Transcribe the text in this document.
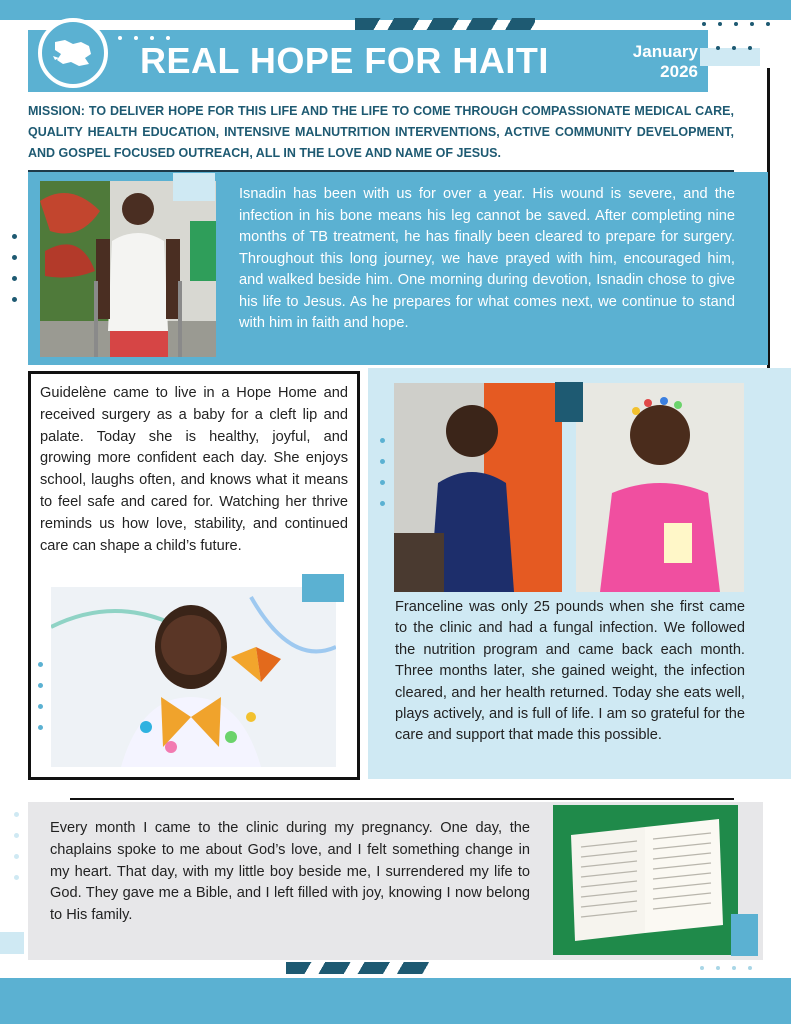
REAL HOPE FOR HAITI	January
2026
MISSION: TO DELIVER HOPE FOR THIS LIFE AND THE LIFE TO COME THROUGH COMPASSIONATE MEDICAL CARE, QUALITY HEALTH EDUCATION, INTENSIVE MALNUTRITION INTERVENTIONS, ACTIVE COMMUNITY DEVELOPMENT, AND GOSPEL FOCUSED OUTREACH, ALL IN THE LOVE AND NAME OF JESUS.
Isnadin has been with us for over a year. His wound is severe, and the infection in his bone means his leg cannot be saved. After completing nine months of TB treatment, he has finally been cleared to prepare for surgery. Throughout this long journey, we have prayed with him, encouraged him, and walked beside him. One morning during devotion, Isnadin chose to give his life to Jesus. As he prepares for what comes next, we continue to stand with him in faith and hope.
Guidelène came to live in a Hope Home and received surgery as a baby for a cleft lip and palate. Today she is healthy, joyful, and growing more confident each day. She enjoys school, laughs often, and knows what it means to feel safe and cared for. Watching her thrive reminds us how love, stability, and continued care can shape a child’s future.
Franceline was only 25 pounds when she first came to the clinic and had a fungal infection. We followed the nutrition program and came back each month. Three months later, she gained weight, the infection cleared, and her health returned. Today she eats well, plays actively, and is full of life. I am so grateful for the care and support that made this possible.
Every month I came to the clinic during my pregnancy. One day, the chaplains spoke to me about God’s love, and I felt something change in my heart. That day, with my little boy beside me, I surrendered my life to God. They gave me a Bible, and I left filled with joy, knowing I now belong to His family.
